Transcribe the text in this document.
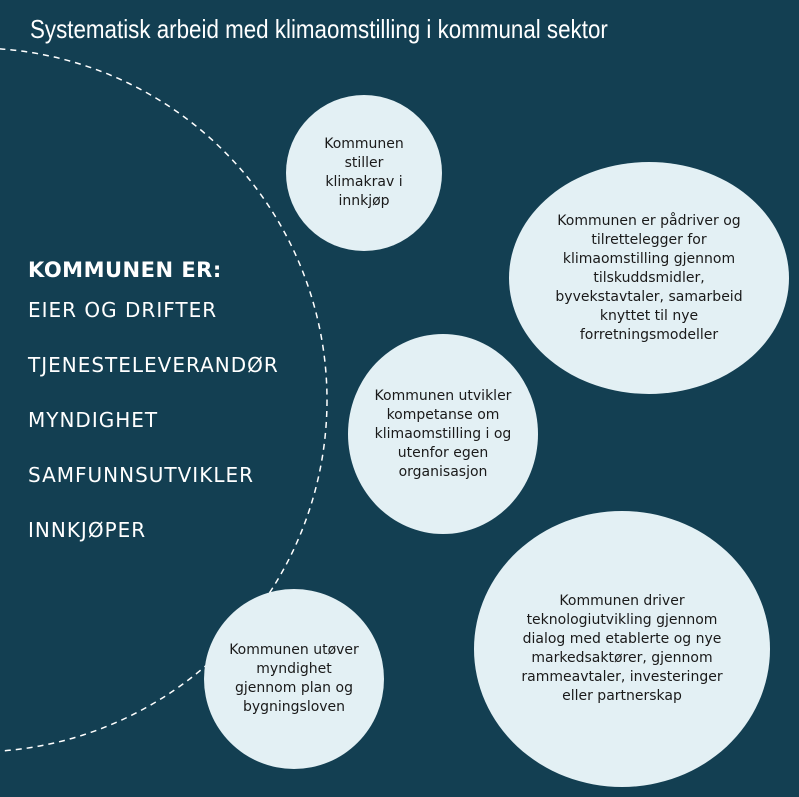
Systematisk arbeid med klimaomstilling i kommunal sektor
KOMMUNEN ER:
EIER OG DRIFTER
TJENESTELEVERANDØR
MYNDIGHET
SAMFUNNSUTVIKLER
INNKJØPER
Kommunen stiller klimakrav i innkjøp
Kommunen er pådriver og tilrettelegger for klimaomstilling gjennom tilskuddsmidler, byvekstavtaler, samarbeid knyttet til nye forretningsmodeller
Kommunen utvikler kompetanse om klimaomstilling i og utenfor egen organisasjon
Kommunen driver teknologiutvikling gjennom dialog med etablerte og nye markedsaktører, gjennom rammeavtaler, investeringer eller partnerskap
Kommunen utøver myndighet gjennom plan og bygningsloven
